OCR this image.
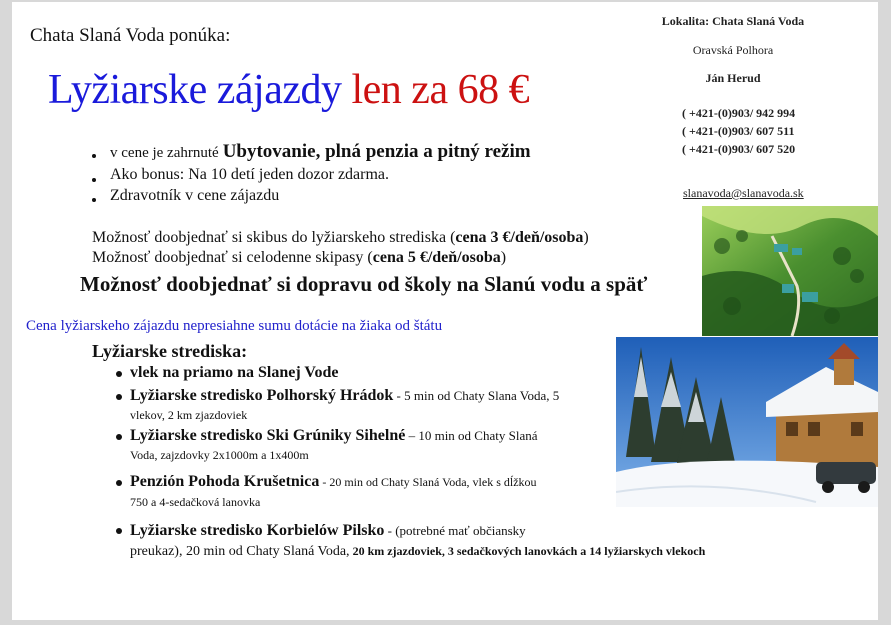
Chata Slaná Voda ponúka:
Lyžiarske zájazdy len za 68 €
Lokalita: Chata Slaná Voda
Oravská Polhora
Ján Herud
( +421-(0)903/ 942 994
( +421-(0)903/ 607 511
( +421-(0)903/ 607 520
slanavoda@slanavoda.sk
v cene je zahrnuté Ubytovanie, plná penzia a pitný režim
Ako bonus: Na 10 detí jeden dozor zdarma.
Zdravotník v cene zájazdu
Možnosť doobjednať si skibus do lyžiarskeho strediska (cena 3 €/deň/osoba)
Možnosť doobjednať si celodenne skipasy (cena 5 €/deň/osoba)
Možnosť doobjednať si dopravu od školy na Slanú vodu a späť
Cena lyžiarskeho zájazdu nepresiahne sumu dotácie na žiaka od štátu
Lyžiarske strediska:
vlek na priamo na Slanej Vode
Lyžiarske stredisko Polhorský Hrádok - 5 min od Chaty Slana Voda, 5
vlekov, 2 km zjazdoviek
Lyžiarske stredisko Ski Grúniky Sihelné – 10 min od Chaty Slaná
Voda, zajzdovky 2x1000m a 1x400m
Penzión Pohoda Krušetnica - 20 min od Chaty Slaná Voda, vlek s dĺžkou
750 a 4-sedačková lanovka
Lyžiarske stredisko Korbielów Pilsko - (potrebné mať občiansky
preukaz), 20 min od Chaty Slaná Voda, 20 km zjazdoviek, 3 sedačkových lanovkách a 14 lyžiarskych vlekoch
